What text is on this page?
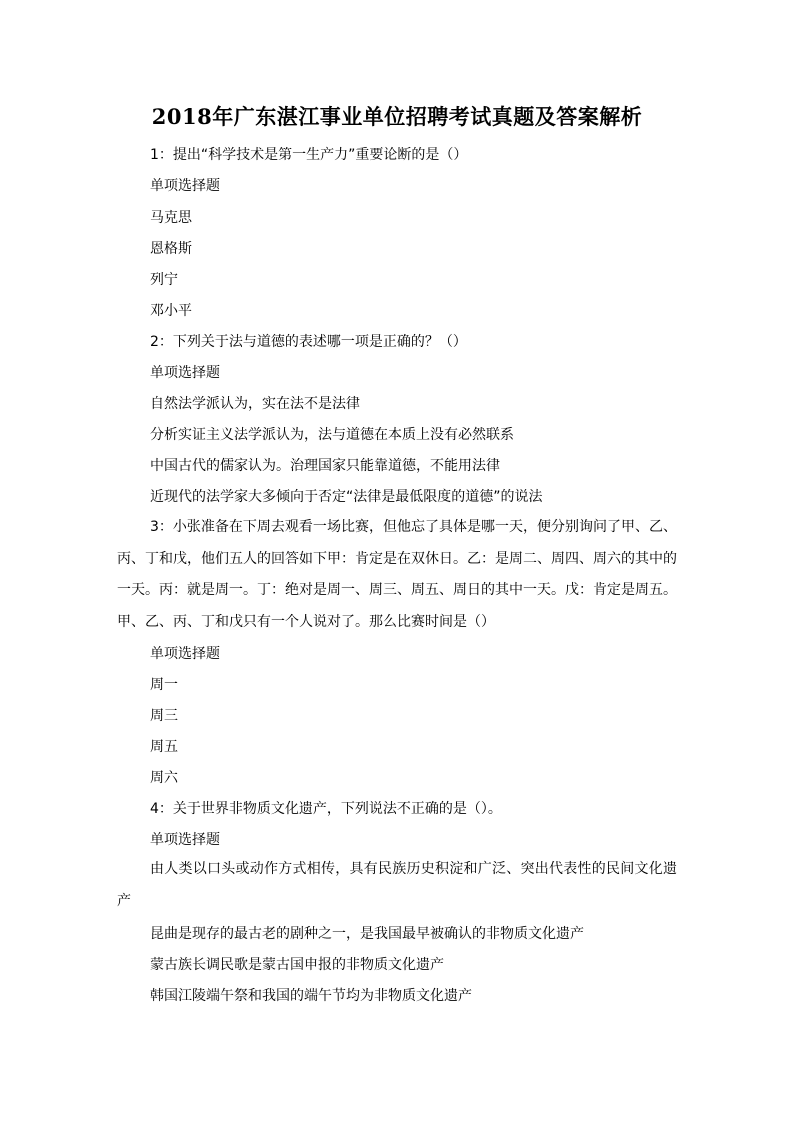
2018年广东湛江事业单位招聘考试真题及答案解析
1：提出“科学技术是第一生产力”重要论断的是（）
单项选择题
马克思
恩格斯
列宁
邓小平
2：下列关于法与道德的表述哪一项是正确的？（）
单项选择题
自然法学派认为，实在法不是法律
分析实证主义法学派认为，法与道德在本质上没有必然联系
中国古代的儒家认为。治理国家只能靠道德，不能用法律
近现代的法学家大多倾向于否定“法律是最低限度的道德”的说法
3：小张准备在下周去观看一场比赛，但他忘了具体是哪一天，便分别询问了甲、乙、丙、丁和戊，他们五人的回答如下甲：肯定是在双休日。乙：是周二、周四、周六的其中的一天。丙：就是周一。丁：绝对是周一、周三、周五、周日的其中一天。戊：肯定是周五。甲、乙、丙、丁和戊只有一个人说对了。那么比赛时间是（）
单项选择题
周一
周三
周五
周六
4：关于世界非物质文化遗产，下列说法不正确的是（）。
单项选择题
由人类以口头或动作方式相传，具有民族历史积淀和广泛、突出代表性的民间文化遗产
昆曲是现存的最古老的剧种之一，是我国最早被确认的非物质文化遗产
蒙古族长调民歌是蒙古国申报的非物质文化遗产
韩国江陵端午祭和我国的端午节均为非物质文化遗产
